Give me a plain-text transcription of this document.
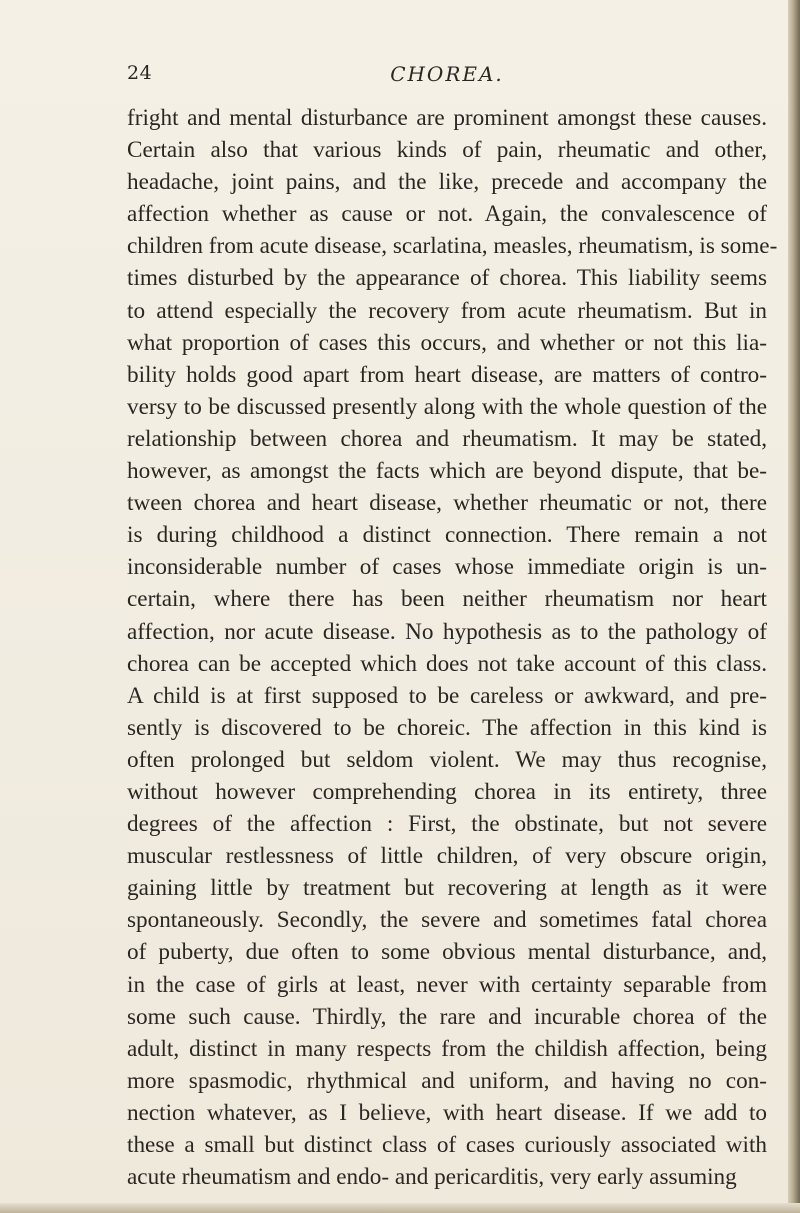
24	CHOREA.
fright and mental disturbance are prominent amongst these causes.
Certain also that various kinds of pain, rheumatic and other,
headache, joint pains, and the like, precede and accompany the
affection whether as cause or not. Again, the convalescence of
children from acute disease, scarlatina, measles, rheumatism, is some-
times disturbed by the appearance of chorea. This liability seems
to attend especially the recovery from acute rheumatism. But in
what proportion of cases this occurs, and whether or not this lia-
bility holds good apart from heart disease, are matters of contro-
versy to be discussed presently along with the whole question of the
relationship between chorea and rheumatism. It may be stated,
however, as amongst the facts which are beyond dispute, that be-
tween chorea and heart disease, whether rheumatic or not, there
is during childhood a distinct connection. There remain a not
inconsiderable number of cases whose immediate origin is un-
certain, where there has been neither rheumatism nor heart
affection, nor acute disease. No hypothesis as to the pathology of
chorea can be accepted which does not take account of this class.
A child is at first supposed to be careless or awkward, and pre-
sently is discovered to be choreic. The affection in this kind is
often prolonged but seldom violent. We may thus recognise,
without however comprehending chorea in its entirety, three
degrees of the affection : First, the obstinate, but not severe
muscular restlessness of little children, of very obscure origin,
gaining little by treatment but recovering at length as it were
spontaneously. Secondly, the severe and sometimes fatal chorea
of puberty, due often to some obvious mental disturbance, and,
in the case of girls at least, never with certainty separable from
some such cause. Thirdly, the rare and incurable chorea of the
adult, distinct in many respects from the childish affection, being
more spasmodic, rhythmical and uniform, and having no con-
nection whatever, as I believe, with heart disease. If we add to
these a small but distinct class of cases curiously associated with
acute rheumatism and endo- and pericarditis, very early assuming
